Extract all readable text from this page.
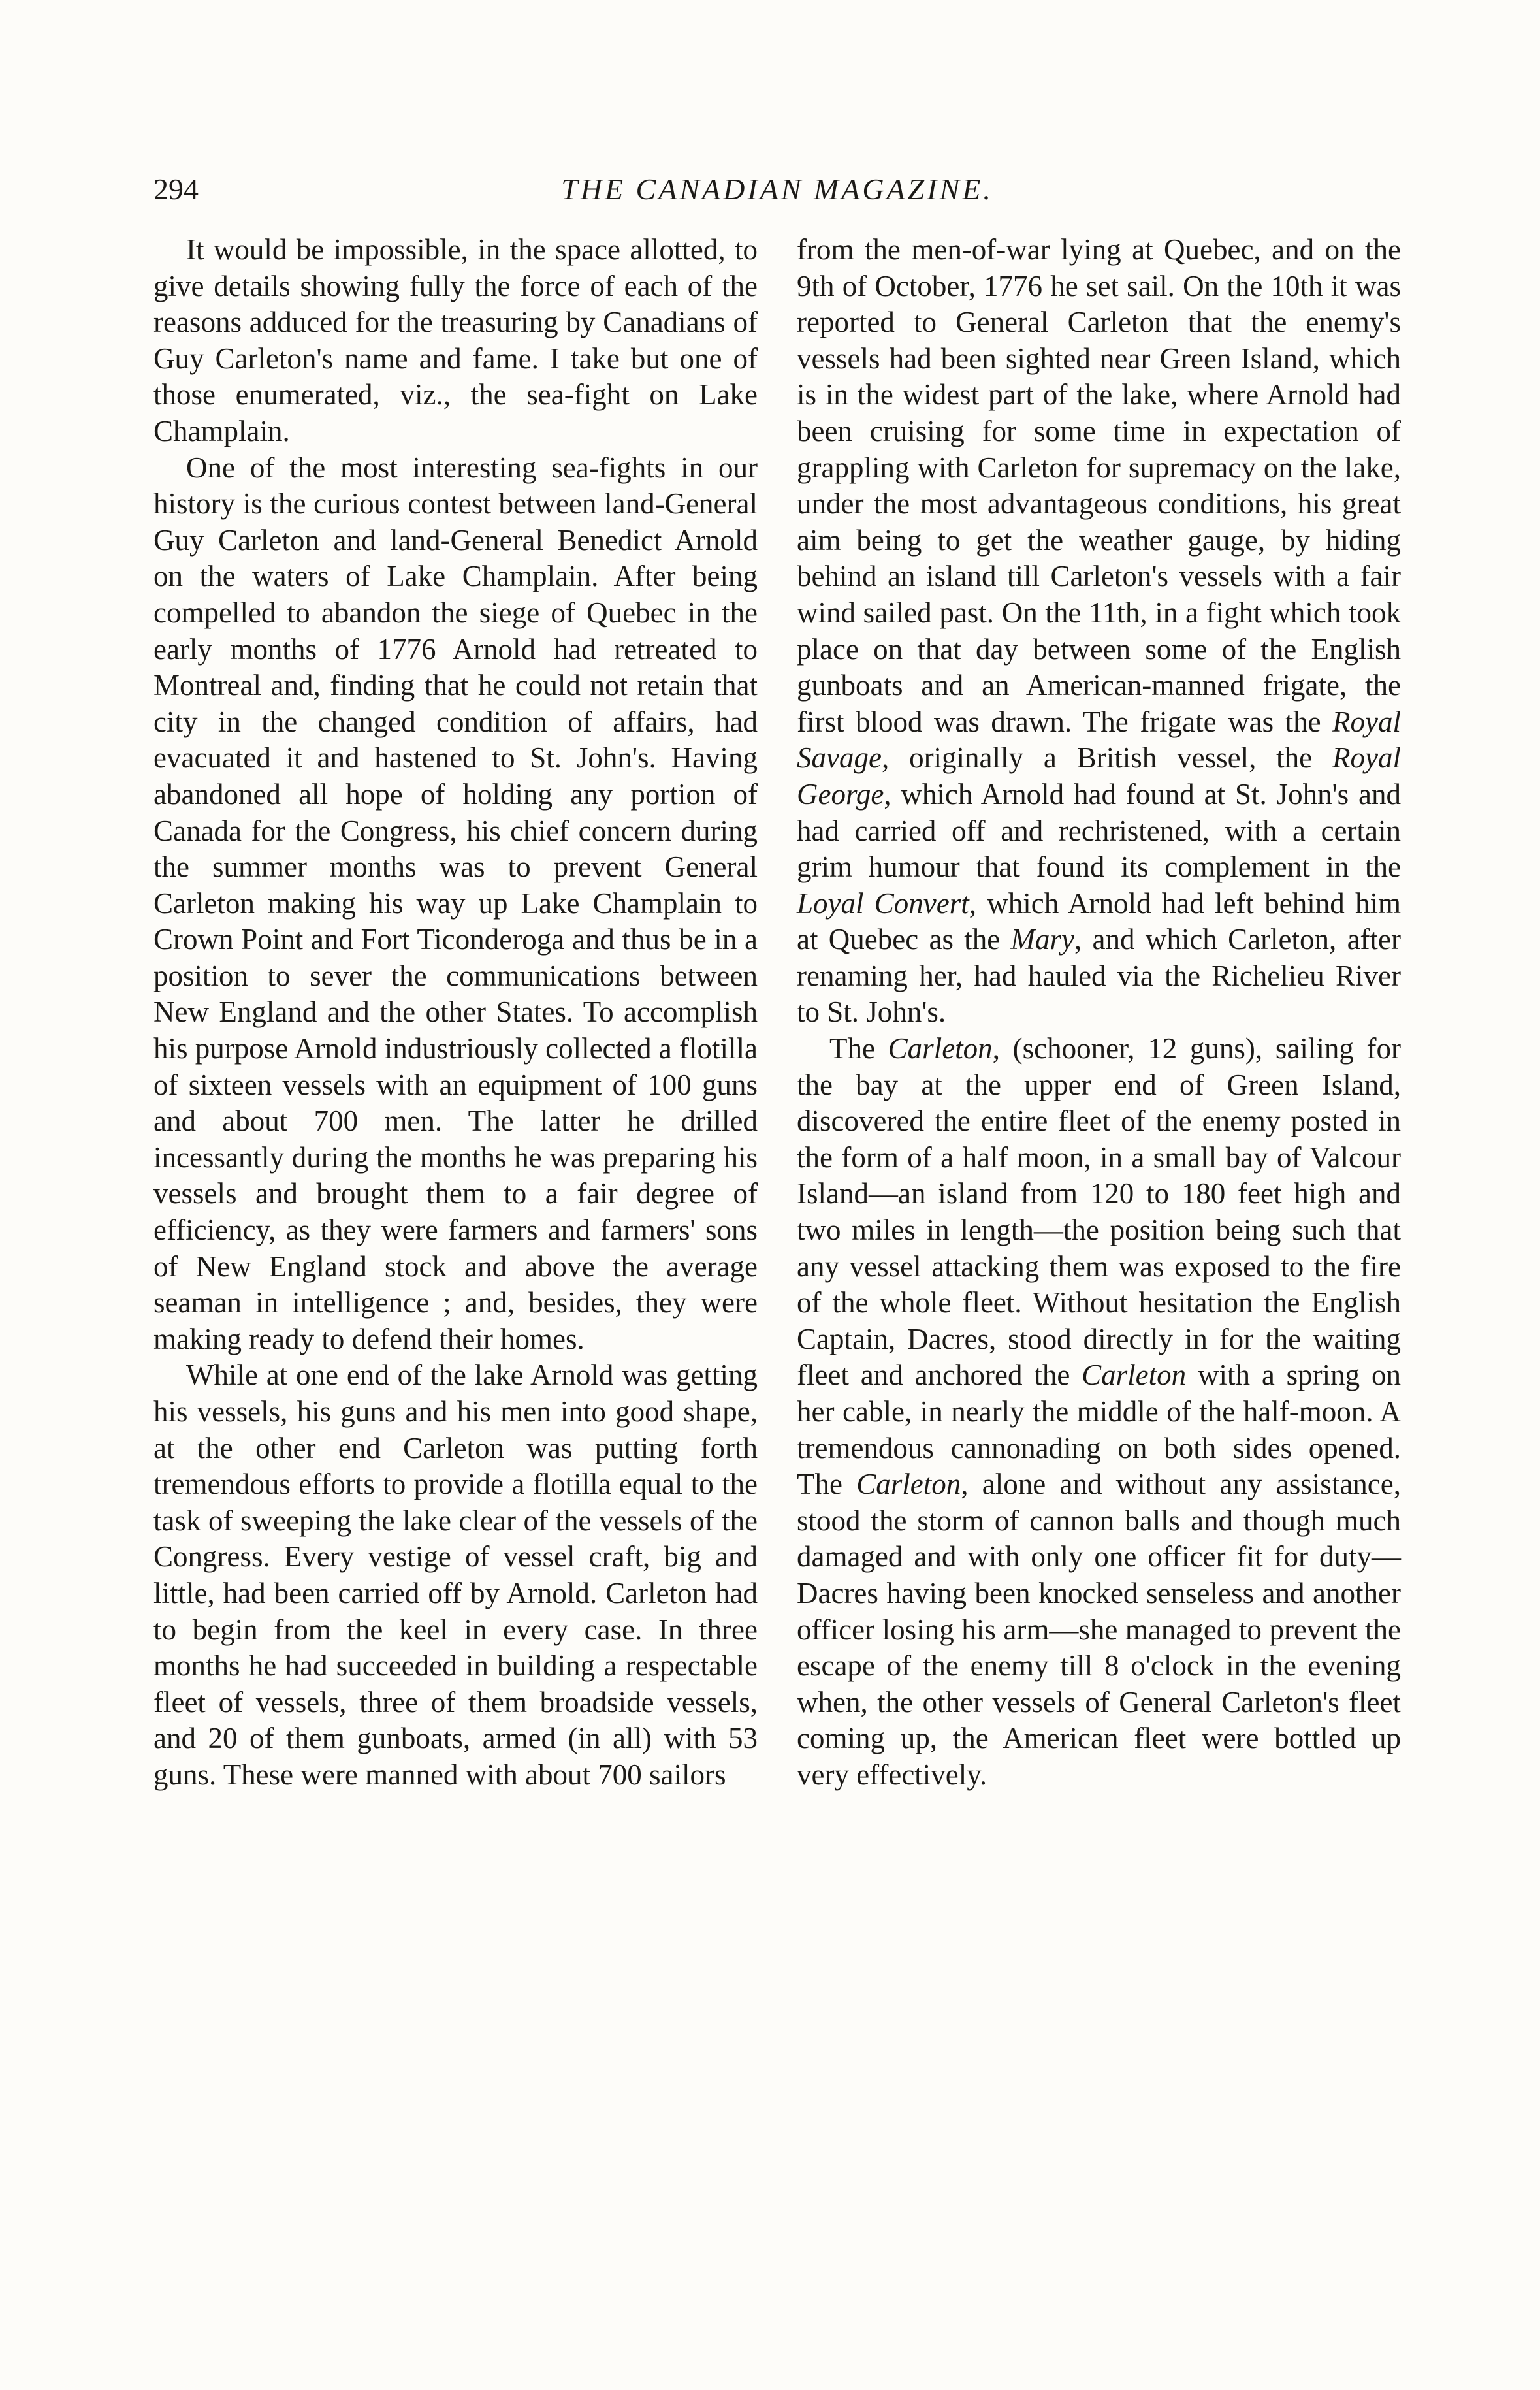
294	THE CANADIAN MAGAZINE.

It would be impossible, in the space allotted, to give details showing fully the force of each of the reasons adduced for the treasuring by Canadians of Guy Carleton's name and fame. I take but one of those enumerated, viz., the sea-fight on Lake Champlain.

One of the most interesting sea-fights in our history is the curious contest between land-General Guy Carleton and land-General Benedict Arnold on the waters of Lake Champlain. After being compelled to abandon the siege of Quebec in the early months of 1776 Arnold had retreated to Montreal and, finding that he could not retain that city in the changed condition of affairs, had evacuated it and hastened to St. John's. Having abandoned all hope of holding any portion of Canada for the Congress, his chief concern during the summer months was to prevent General Carleton making his way up Lake Champlain to Crown Point and Fort Ticonderoga and thus be in a position to sever the communications between New England and the other States. To accomplish his purpose Arnold industriously collected a flotilla of sixteen vessels with an equipment of 100 guns and about 700 men. The latter he drilled incessantly during the months he was preparing his vessels and brought them to a fair degree of efficiency, as they were farmers and farmers' sons of New England stock and above the average seaman in intelligence ; and, besides, they were making ready to defend their homes.

While at one end of the lake Arnold was getting his vessels, his guns and his men into good shape, at the other end Carleton was putting forth tremendous efforts to provide a flotilla equal to the task of sweeping the lake clear of the vessels of the Congress. Every vestige of vessel craft, big and little, had been carried off by Arnold. Carleton had to begin from the keel in every case. In three months he had succeeded in building a respectable fleet of vessels, three of them broadside vessels, and 20 of them gunboats, armed (in all) with 53 guns. These were manned with about 700 sailors

from the men-of-war lying at Quebec, and on the 9th of October, 1776 he set sail. On the 10th it was reported to General Carleton that the enemy's vessels had been sighted near Green Island, which is in the widest part of the lake, where Arnold had been cruising for some time in expectation of grappling with Carleton for supremacy on the lake, under the most advantageous conditions, his great aim being to get the weather gauge, by hiding behind an island till Carleton's vessels with a fair wind sailed past. On the 11th, in a fight which took place on that day between some of the English gunboats and an American-manned frigate, the first blood was drawn. The frigate was the Royal Savage, originally a British vessel, the Royal George, which Arnold had found at St. John's and had carried off and rechristened, with a certain grim humour that found its complement in the Loyal Convert, which Arnold had left behind him at Quebec as the Mary, and which Carleton, after renaming her, had hauled via the Richelieu River to St. John's.

The Carleton, (schooner, 12 guns), sailing for the bay at the upper end of Green Island, discovered the entire fleet of the enemy posted in the form of a half moon, in a small bay of Valcour Island—an island from 120 to 180 feet high and two miles in length—the position being such that any vessel attacking them was exposed to the fire of the whole fleet. Without hesitation the English Captain, Dacres, stood directly in for the waiting fleet and anchored the Carleton with a spring on her cable, in nearly the middle of the half-moon. A tremendous cannonading on both sides opened. The Carleton, alone and without any assistance, stood the storm of cannon balls and though much damaged and with only one officer fit for duty—Dacres having been knocked senseless and another officer losing his arm—she managed to prevent the escape of the enemy till 8 o'clock in the evening when, the other vessels of General Carleton's fleet coming up, the American fleet were bottled up very effectively.
